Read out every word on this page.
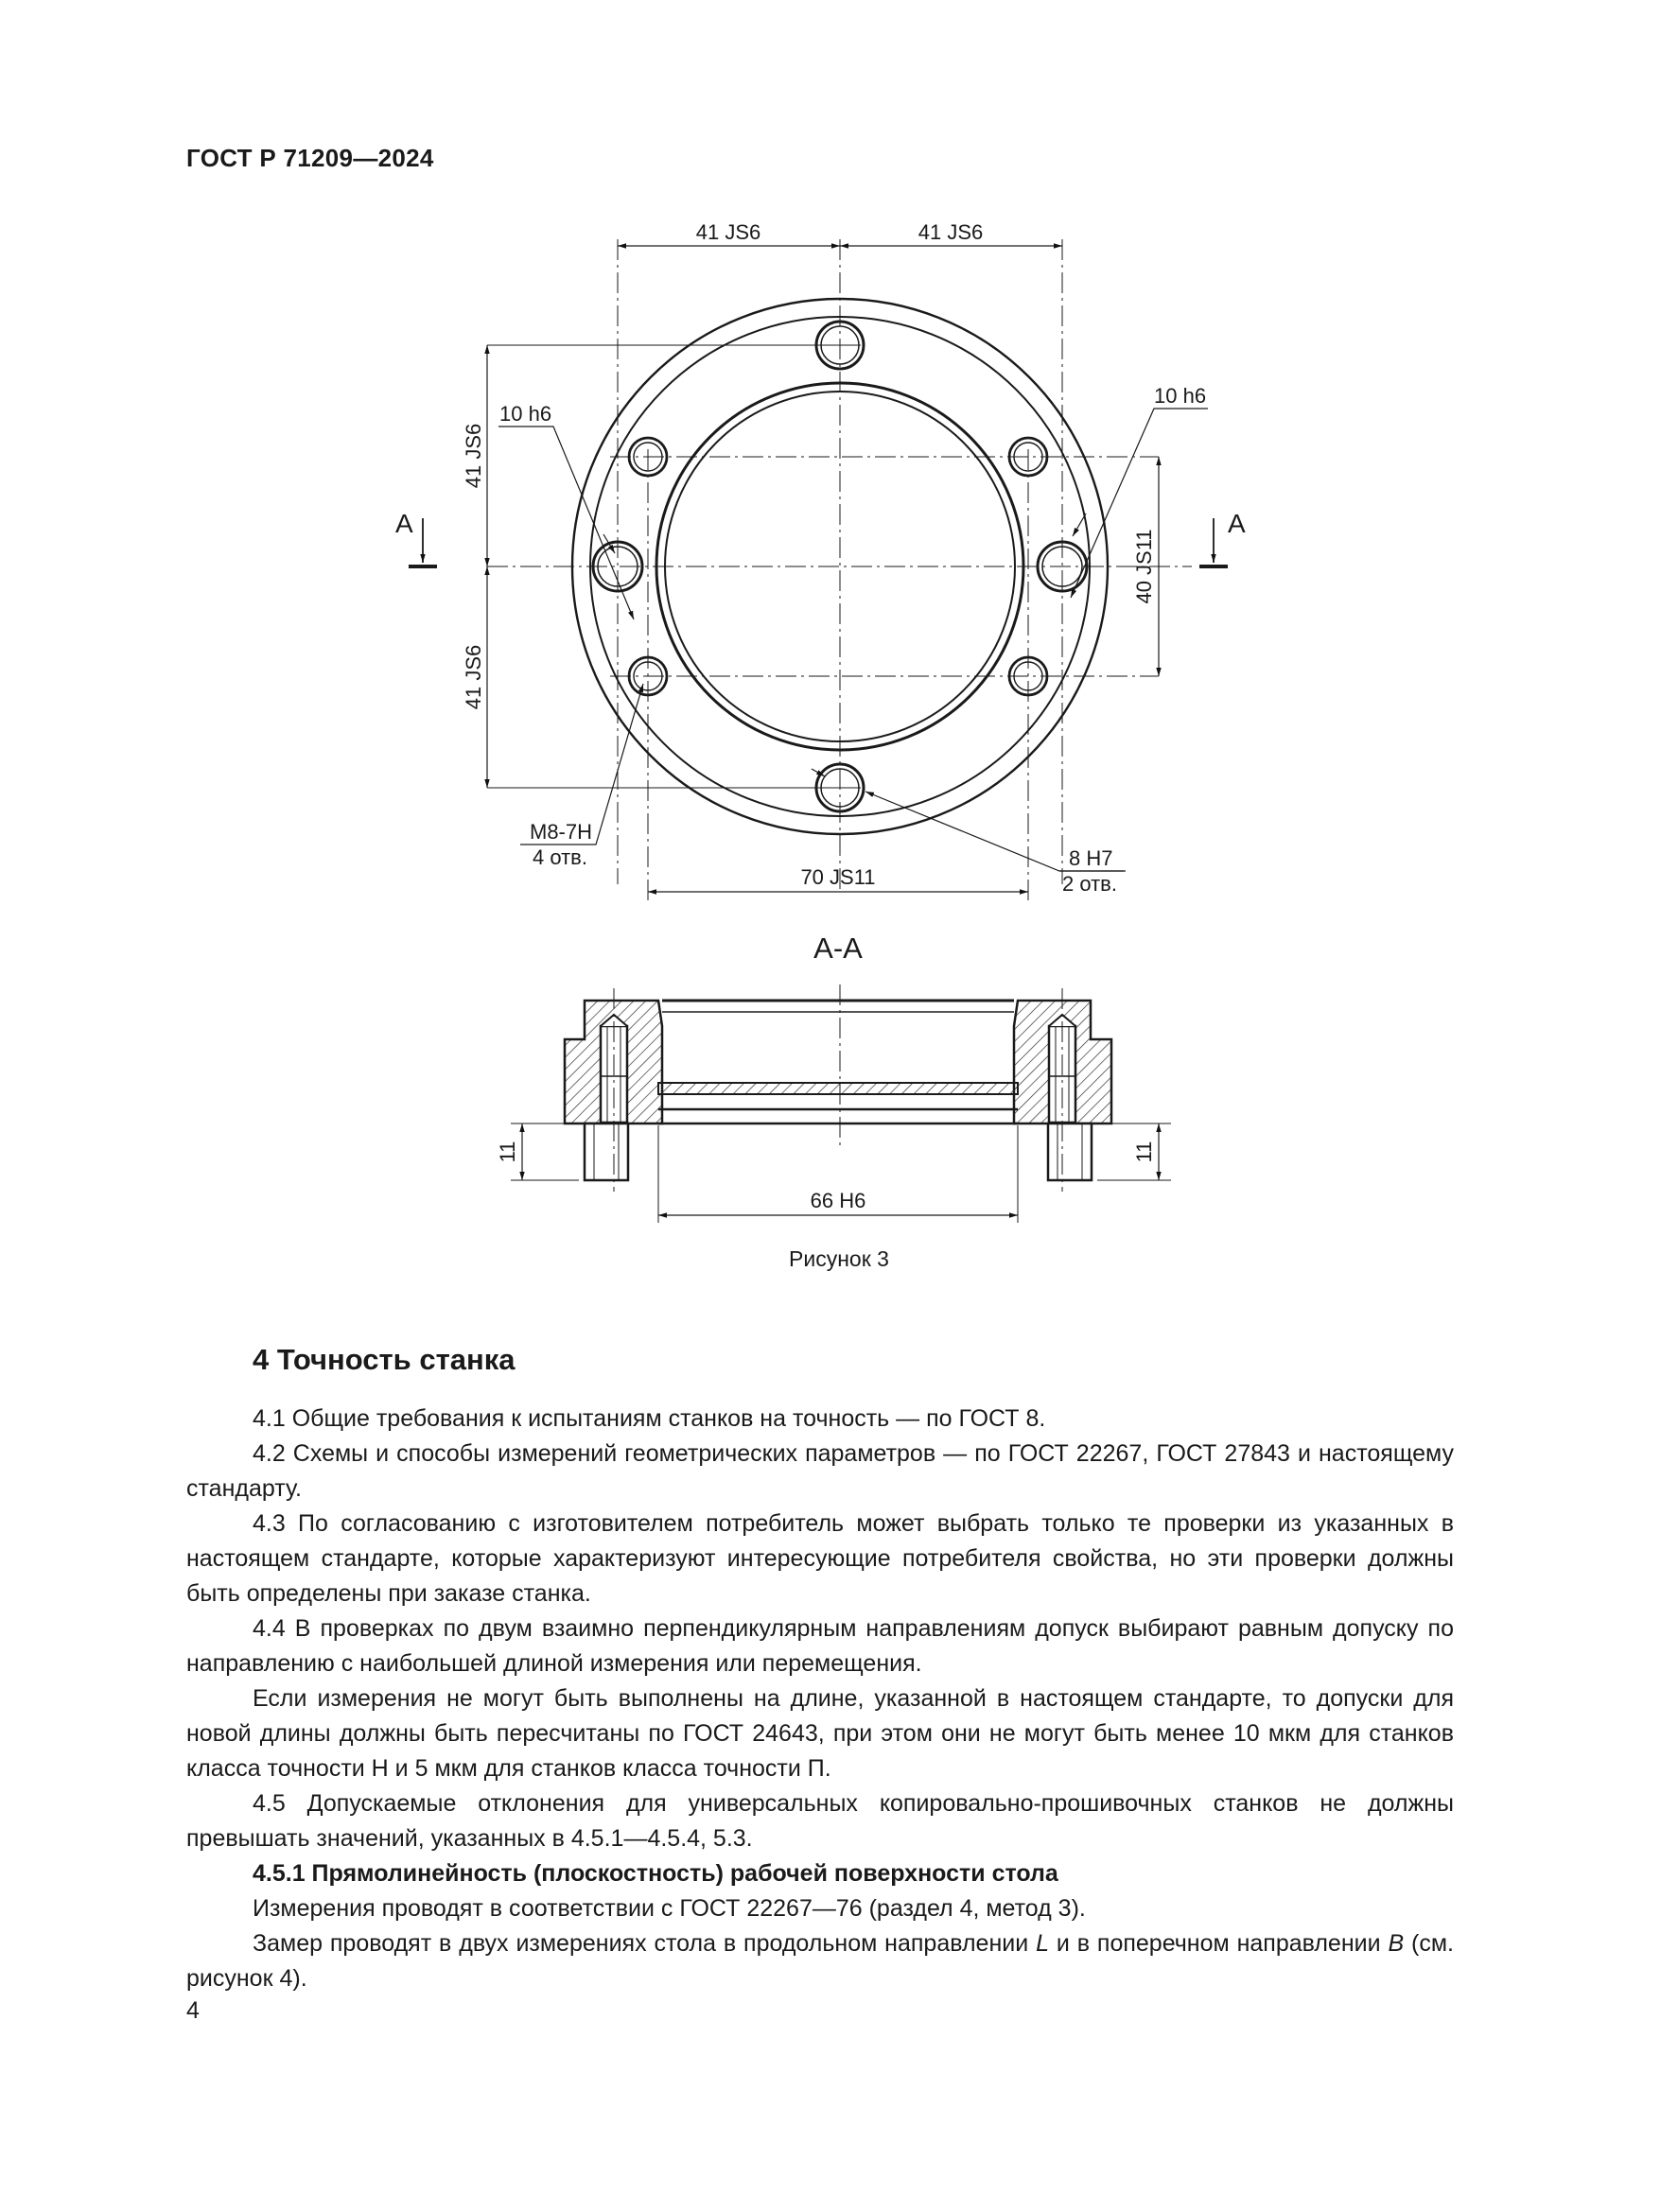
ГОСТ Р 71209—2024
41 JS6	41 JS6
41 JS6
41 JS6
40 JS11
70 JS11
10 h6
10 h6
A	A
M8-7H
4 отв.	8 H7
2 отв.
A-A
11	11
66 H6
Рисунок 3
4 Точность станка

4.1 Общие требования к испытаниям станков на точность — по ГОСТ 8.

4.2 Схемы и способы измерений геометрических параметров — по ГОСТ 22267, ГОСТ 27843 и настоящему стандарту.

4.3 По согласованию с изготовителем потребитель может выбрать только те проверки из указанных в настоящем стандарте, которые характеризуют интересующие потребителя свойства, но эти проверки должны быть определены при заказе станка.

4.4 В проверках по двум взаимно перпендикулярным направлениям допуск выбирают равным допуску по направлению с наибольшей длиной измерения или перемещения.

Если измерения не могут быть выполнены на длине, указанной в настоящем стандарте, то допуски для новой длины должны быть пересчитаны по ГОСТ 24643, при этом они не могут быть менее 10 мкм для станков класса точности Н и 5 мкм для станков класса точности П.

4.5 Допускаемые отклонения для универсальных копировально-прошивочных станков не должны превышать значений, указанных в 4.5.1—4.5.4, 5.3.

4.5.1 Прямолинейность (плоскостность) рабочей поверхности стола

Измерения проводят в соответствии с ГОСТ 22267—76 (раздел 4, метод 3).

Замер проводят в двух измерениях стола в продольном направлении L и в поперечном направлении B (см. рисунок 4).

4
